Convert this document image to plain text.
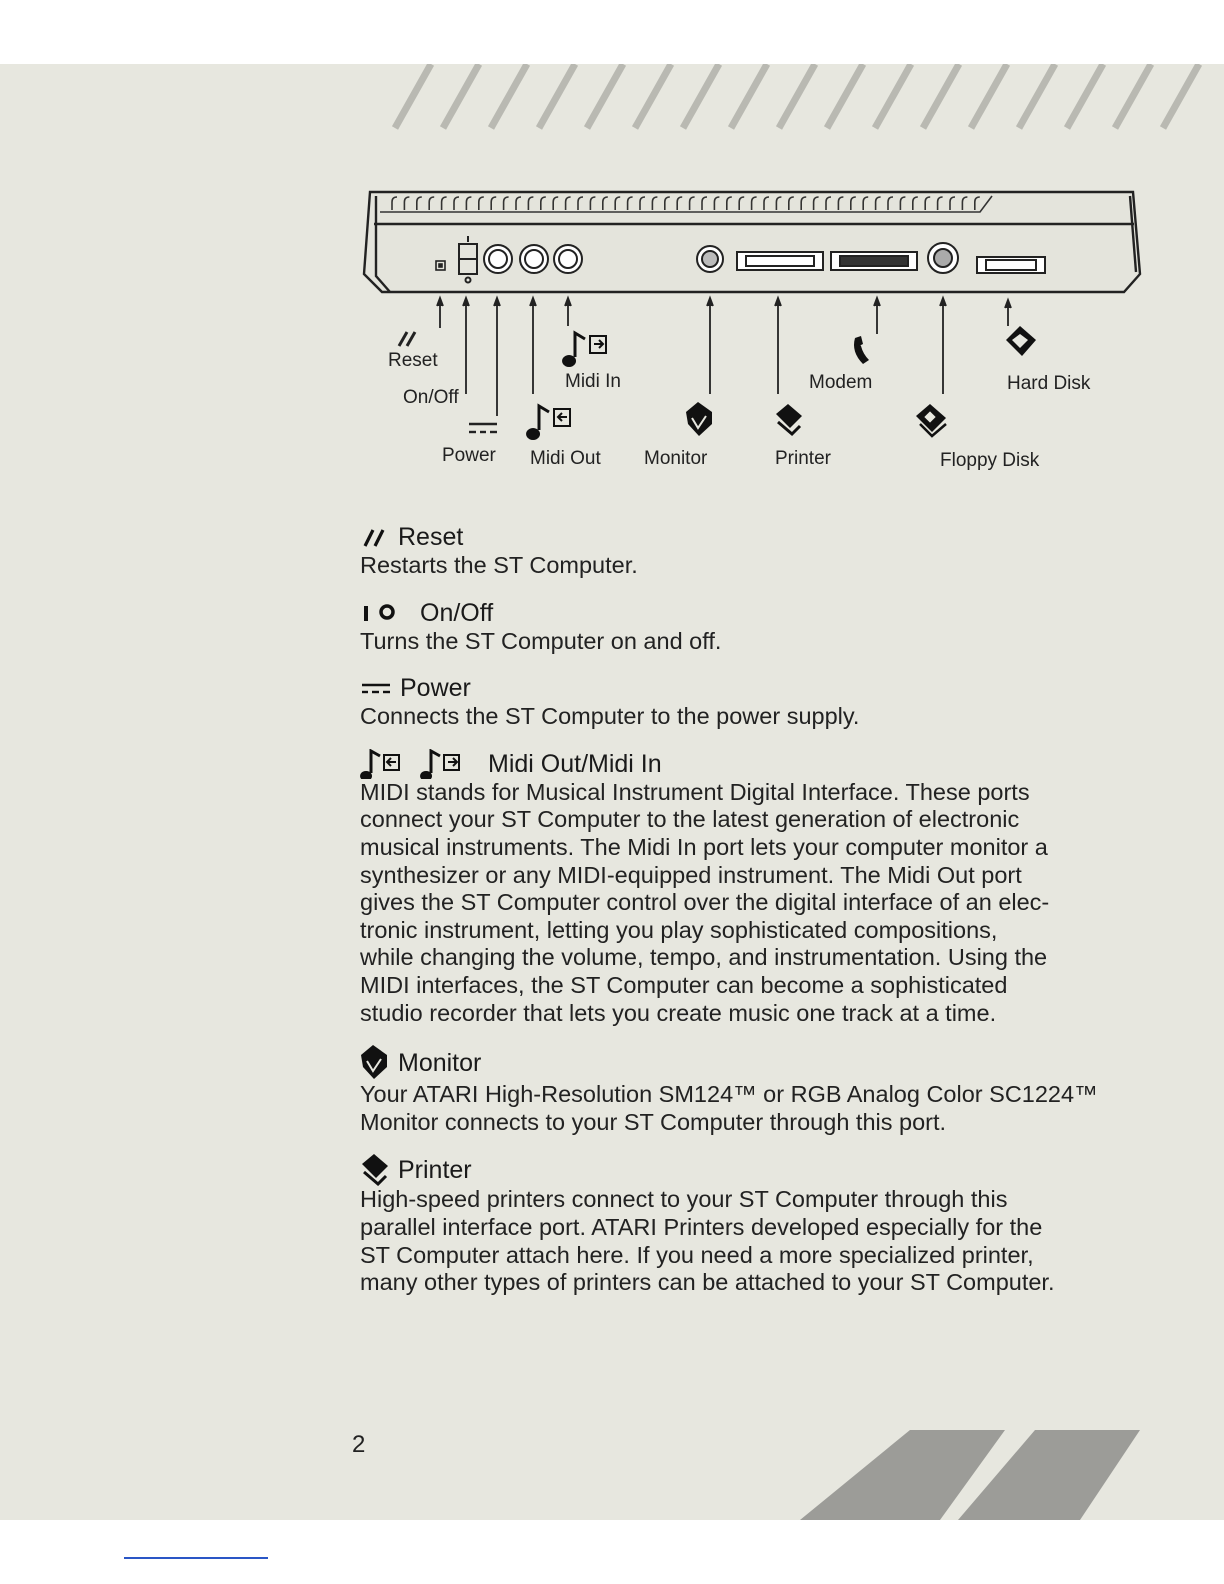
Reset
On/Off
Power
Midi In
Midi Out Monitor	Printer
Modem
Floppy Disk
Hard Disk
Reset

Restarts the ST Computer.

On/Off

Turns the ST Computer on and off.

Power

Connects the ST Computer to the power supply.

Midi Out/Midi In

MIDI stands for Musical Instrument Digital Interface. These ports
connect your ST Computer to the latest generation of electronic
musical instruments. The Midi In port lets your computer monitor a
synthesizer or any MIDI-equipped instrument. The Midi Out port
gives the ST Computer control over the digital interface of an elec-
tronic instrument, letting you play sophisticated compositions,
while changing the volume, tempo, and instrumentation. Using the
MIDI interfaces, the ST Computer can become a sophisticated
studio recorder that lets you create music one track at a time.

Monitor

Your ATARI High-Resolution SM124™ or RGB Analog Color SC1224™
Monitor connects to your ST Computer through this port.

Printer

High-speed printers connect to your ST Computer through this
parallel interface port. ATARI Printers developed especially for the
ST Computer attach here. If you need a more specialized printer,
many other types of printers can be attached to your ST Computer.

2
